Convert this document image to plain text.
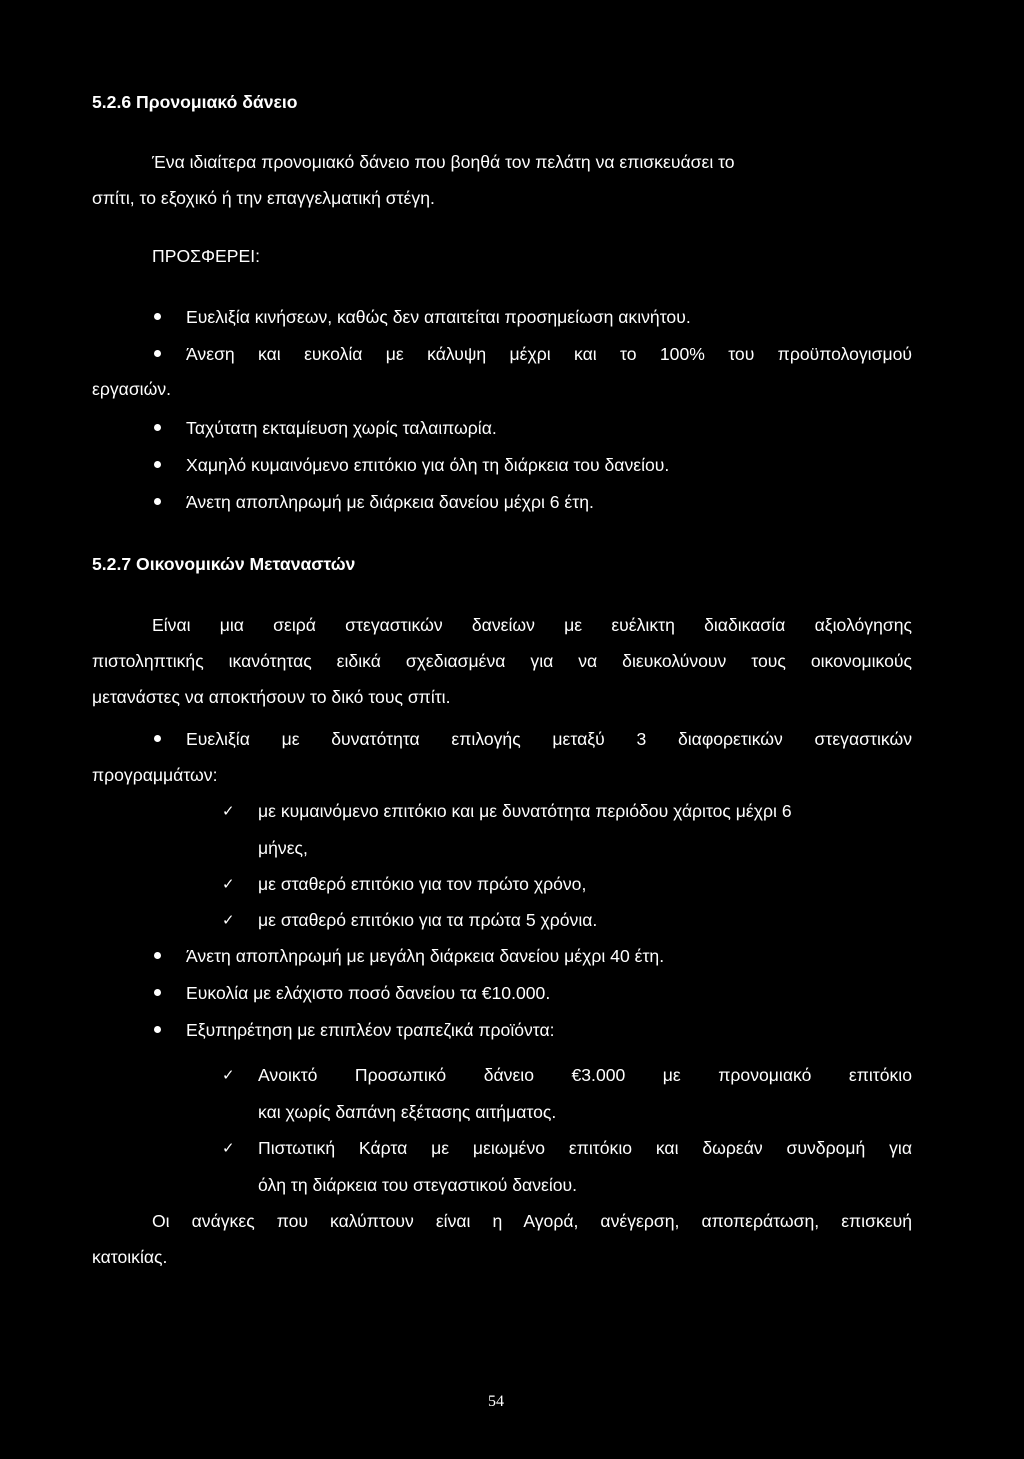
5.2.6 Προνομιακό δάνειο
Ένα ιδιαίτερα προνομιακό δάνειο που βοηθά τον πελάτη να επισκευάσει το
σπίτι, το εξοχικό ή την επαγγελματική στέγη.
ΠΡΟΣΦΕΡΕΙ:
Ευελιξία κινήσεων, καθώς δεν απαιτείται προσημείωση ακινήτου.
Άνεση και ευκολία με κάλυψη μέχρι και το 100% του προϋπολογισμού
εργασιών.
Ταχύτατη εκταμίευση χωρίς ταλαιπωρία.
Χαμηλό κυμαινόμενο επιτόκιο για όλη τη διάρκεια του δανείου.
Άνετη αποπληρωμή με διάρκεια δανείου μέχρι 6 έτη.
5.2.7 Οικονομικών Μεταναστών
Είναι μια σειρά στεγαστικών δανείων με ευέλικτη διαδικασία αξιολόγησης
πιστοληπτικής ικανότητας ειδικά σχεδιασμένα για να διευκολύνουν τους οικονομικούς
μετανάστες να αποκτήσουν το δικό τους σπίτι.
Ευελιξία με δυνατότητα επιλογής μεταξύ 3 διαφορετικών στεγαστικών
προγραμμάτων:
✓ με κυμαινόμενο επιτόκιο και με δυνατότητα περιόδου χάριτος μέχρι 6
μήνες,
✓ με σταθερό επιτόκιο για τον πρώτο χρόνο,
✓ με σταθερό επιτόκιο για τα πρώτα 5 χρόνια.
Άνετη αποπληρωμή με μεγάλη διάρκεια δανείου μέχρι 40 έτη.
Ευκολία με ελάχιστο ποσό δανείου τα €10.000.
Εξυπηρέτηση με επιπλέον τραπεζικά προϊόντα:
✓ Ανοικτό Προσωπικό δάνειο €3.000 με προνομιακό επιτόκιο
και χωρίς δαπάνη εξέτασης αιτήματος.
✓ Πιστωτική Κάρτα με μειωμένο επιτόκιο και δωρεάν συνδρομή για
όλη τη διάρκεια του στεγαστικού δανείου.
Οι ανάγκες που καλύπτουν είναι η Αγορά, ανέγερση, αποπεράτωση, επισκευή
κατοικίας.
54
